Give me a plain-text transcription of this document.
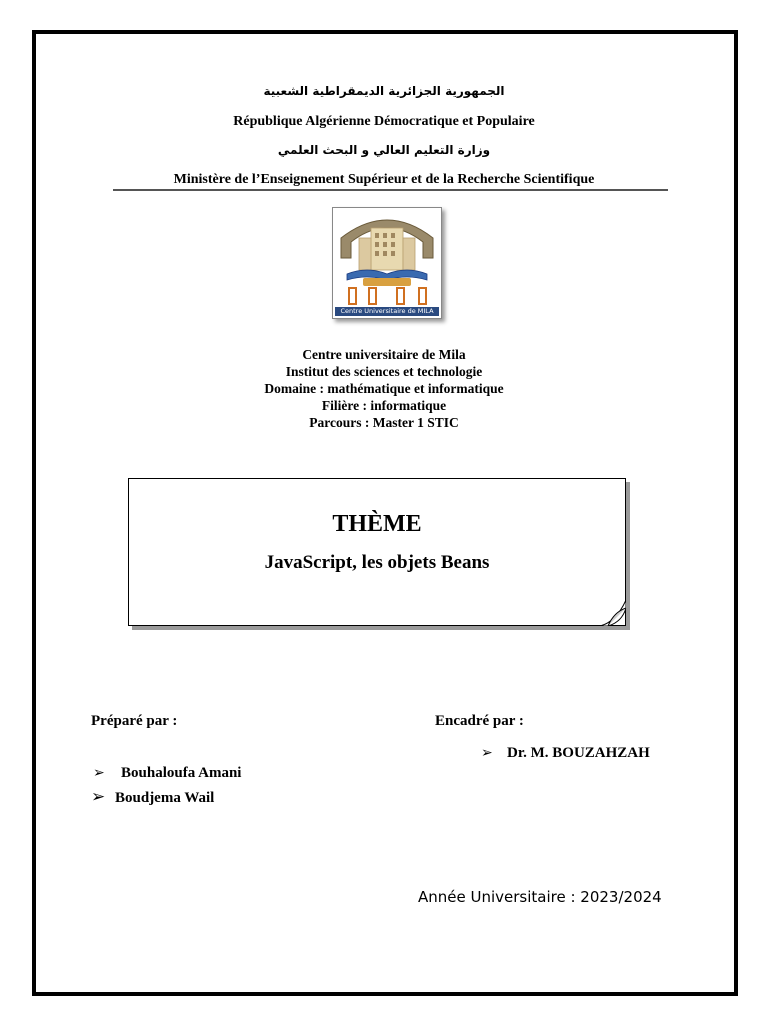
الجمهورية الجزائرية الديمقراطية الشعبية
République Algérienne Démocratique et Populaire
وزارة التعليم العالي و البحث العلمي
Ministère de l’Enseignement Supérieur et de la Recherche Scientifique
Centre Universitaire de MILA
Centre universitaire de Mila
Institut des sciences et technologie
Domaine : mathématique et informatique
Filière : informatique
Parcours : Master 1 STIC
THÈME
JavaScript, les objets Beans
Préparé par :	Encadré par :
➢ Dr. M. BOUZAHZAH
➢ Bouhaloufa Amani
➢ Boudjema Wail
Année Universitaire : 2023/2024
